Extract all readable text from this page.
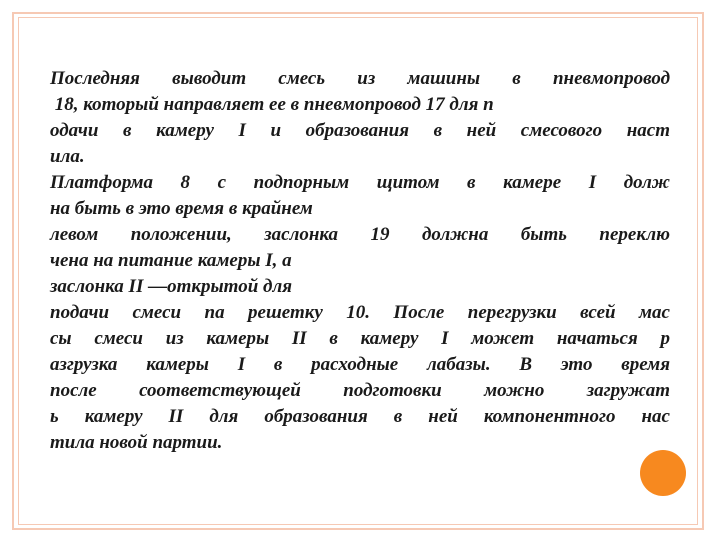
Последняя выводит смесь из машины в пневмопровод
18, который направляет ее в пневмопровод 17 для п
одачи в камеру I и образования в ней смесового наст
ила.
Платформа 8 с подпорным щитом в камере I долж
на быть в это время в крайнем
левом положении, заслонка 19 должна быть переклю
чена на питание камеры I, а
заслонка II —открытой для
подачи смеси па решетку 10. После перегрузки всей мас
сы смеси из камеры II в камеру I может начаться р
азгрузка камеры I в расходные лабазы. В это время
после соответствующей подготовки можно загружат
ь камеру II для образования в ней компонентного нас
тила новой партии.
